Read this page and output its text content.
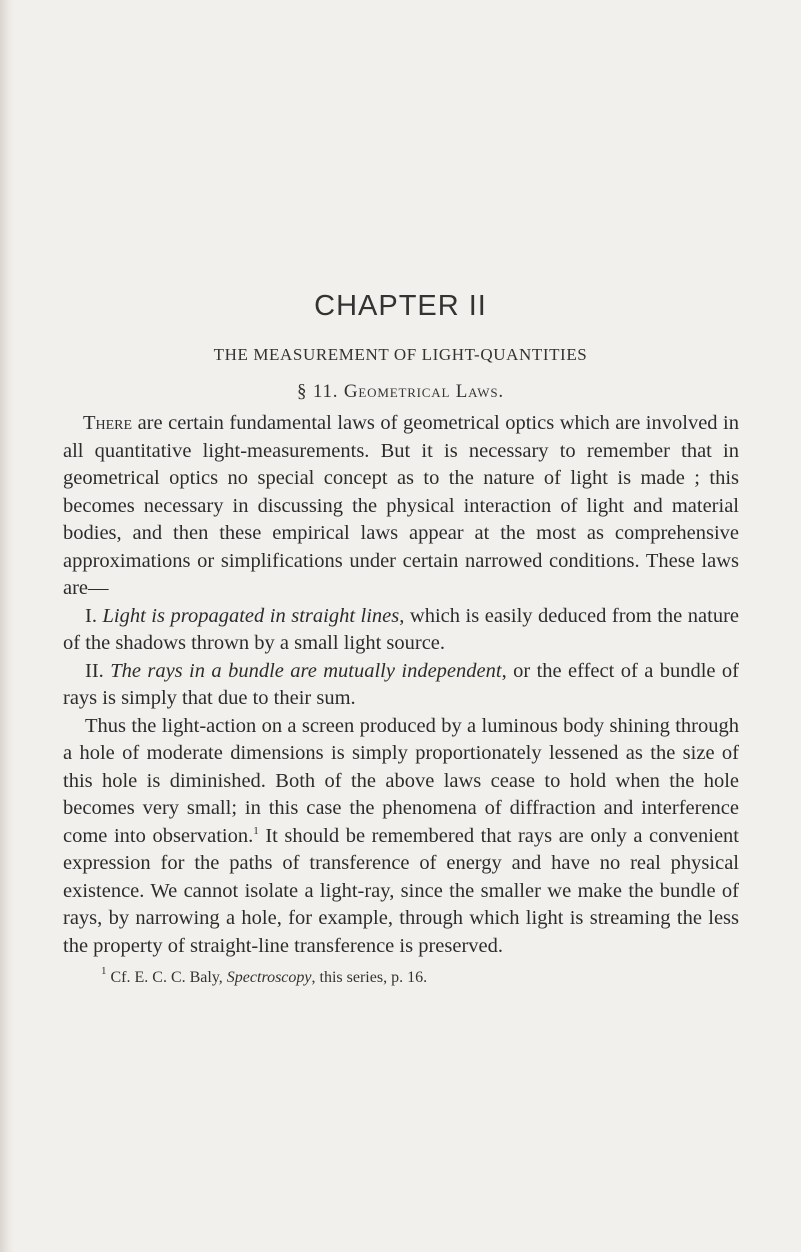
CHAPTER II
THE MEASUREMENT OF LIGHT-QUANTITIES
§ 11. Geometrical Laws.

There are certain fundamental laws of geometrical optics which are involved in all quantitative light-measurements. But it is necessary to remember that in geometrical optics no special concept as to the nature of light is made ; this becomes necessary in discussing the physical interaction of light and material bodies, and then these empirical laws appear at the most as comprehensive approximations or simplifications under certain narrowed conditions. These laws are—

I. Light is propagated in straight lines, which is easily deduced from the nature of the shadows thrown by a small light source.

II. The rays in a bundle are mutually independent, or the effect of a bundle of rays is simply that due to their sum.

Thus the light-action on a screen produced by a luminous body shining through a hole of moderate dimensions is simply proportionately lessened as the size of this hole is diminished. Both of the above laws cease to hold when the hole becomes very small; in this case the phenomena of diffraction and interference come into observation.$^1$ It should be remembered that rays are only a convenient expression for the paths of transference of energy and have no real physical existence. We cannot isolate a light-ray, since the smaller we make the bundle of rays, by narrowing a hole, for example, through which light is streaming the less the property of straight-line transference is preserved.

$^1$ Cf. E. C. C. Baly, Spectroscopy, this series, p. 16.
